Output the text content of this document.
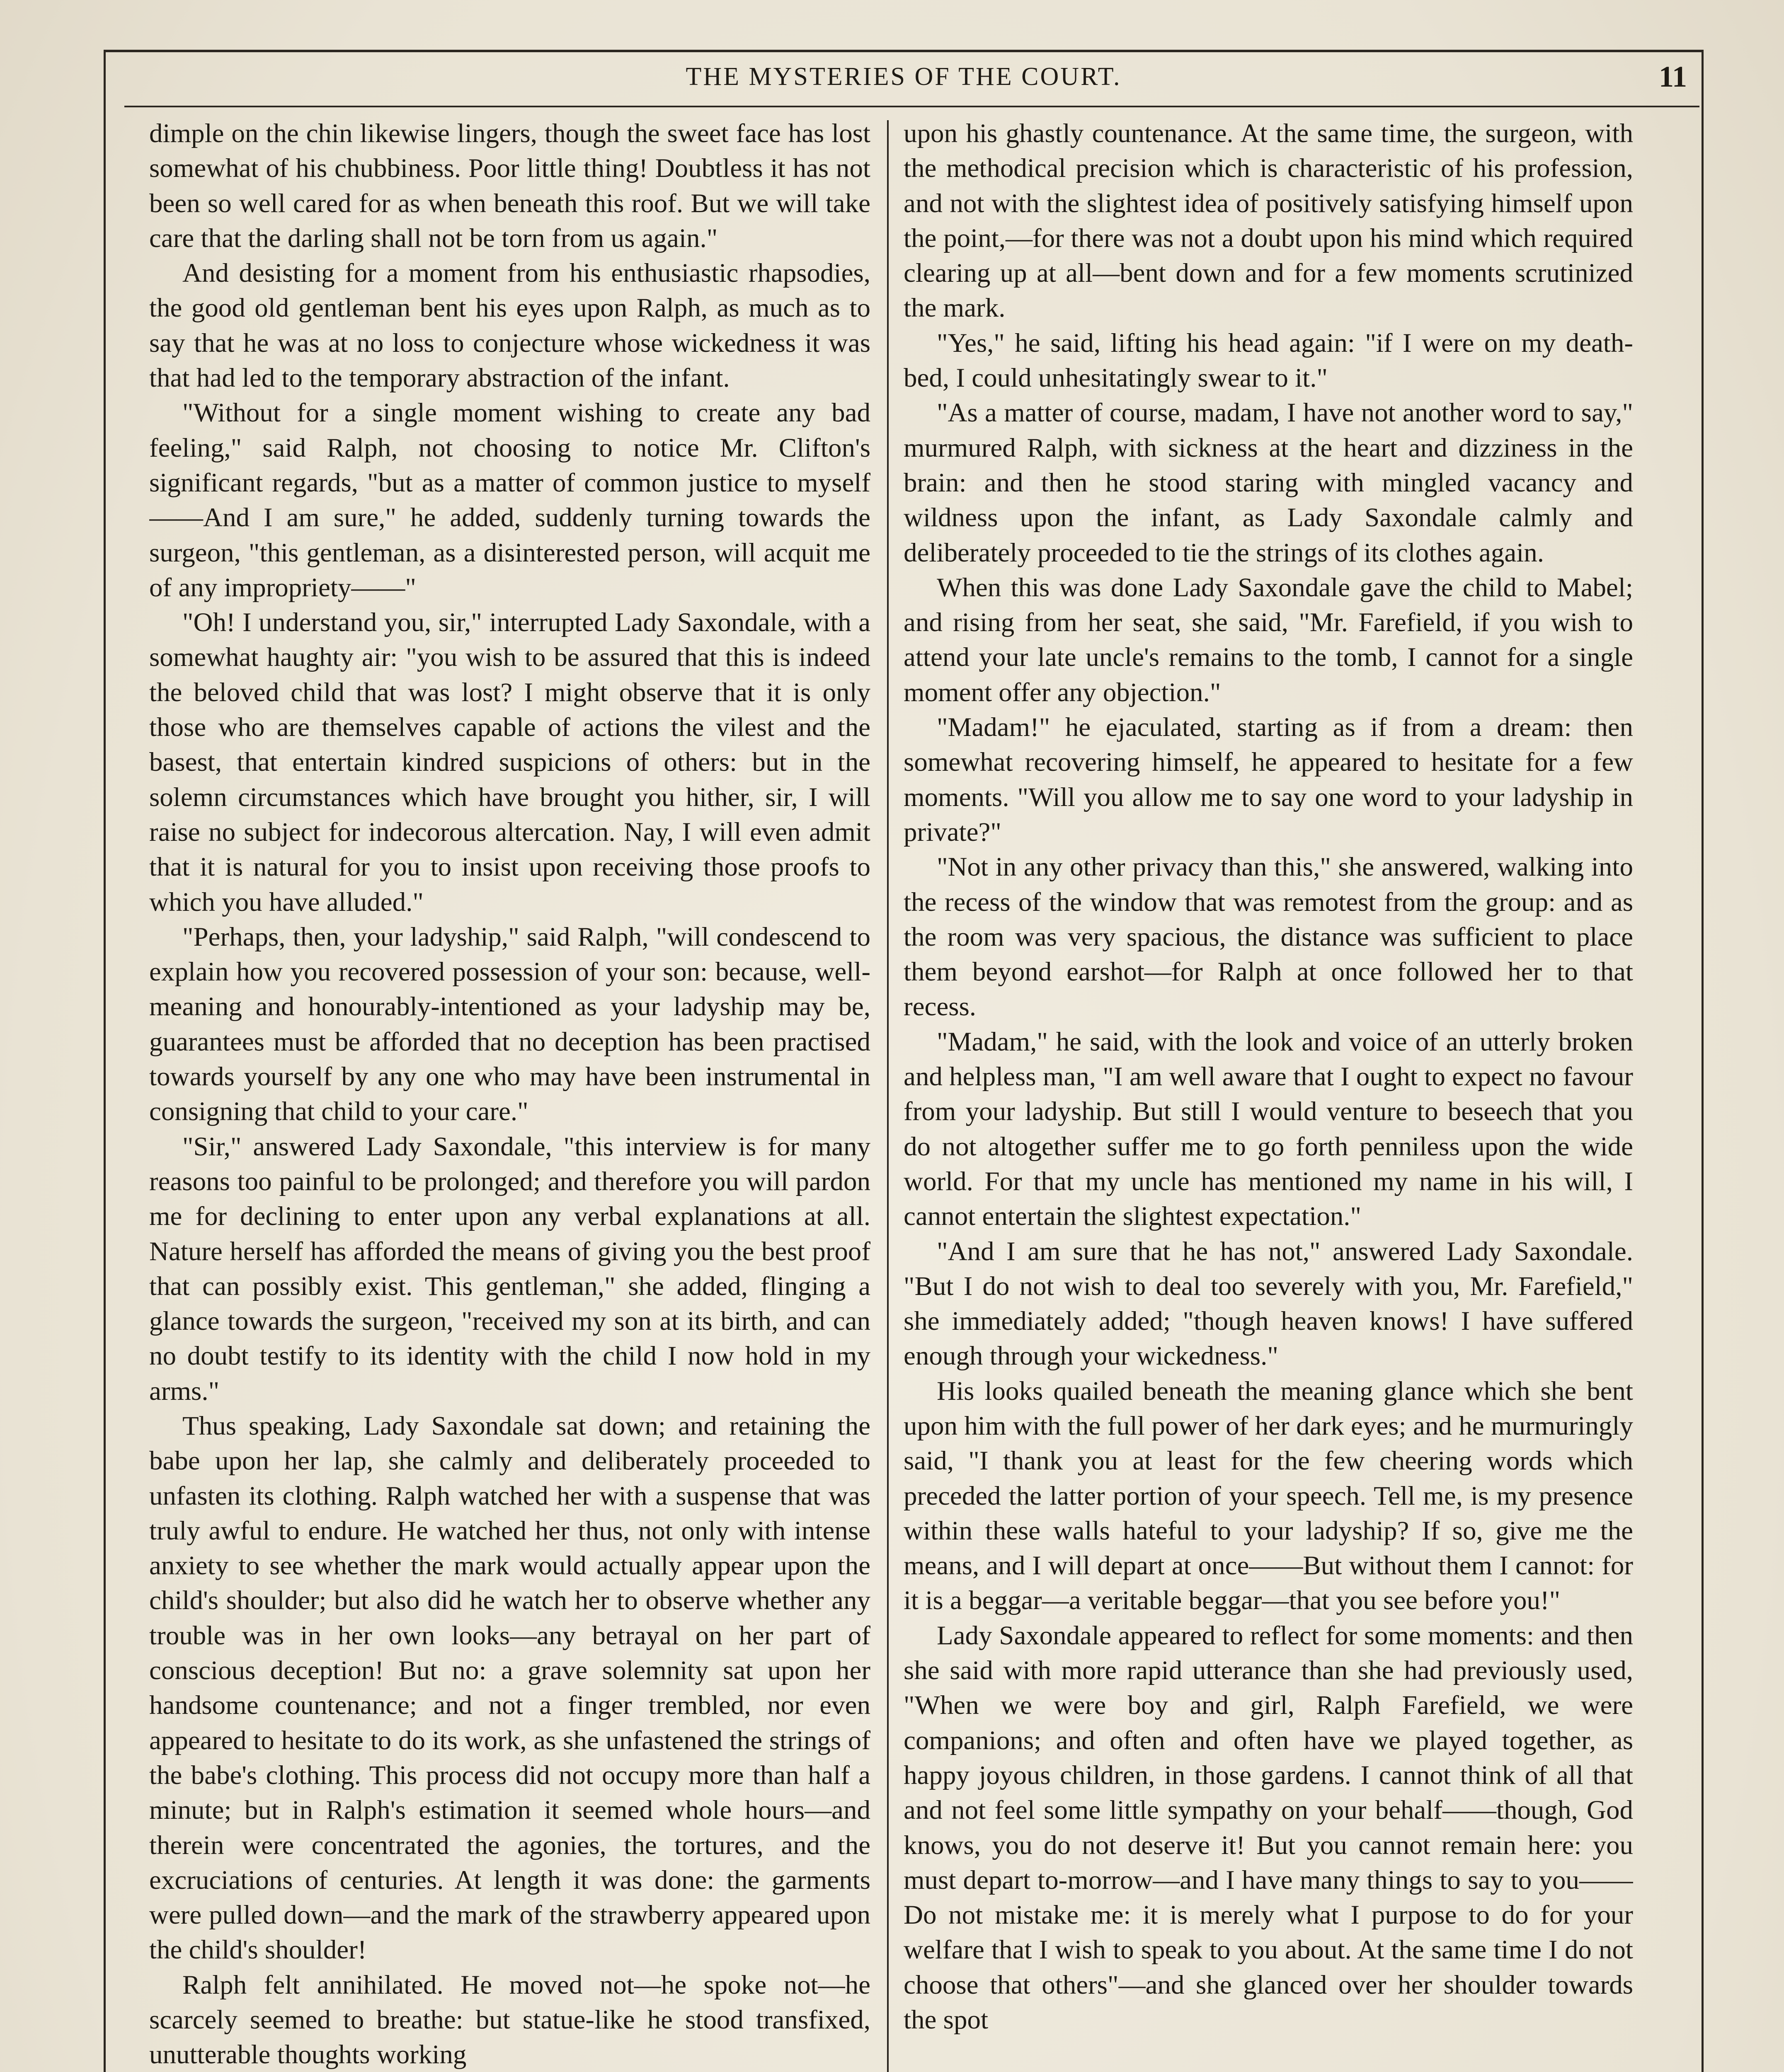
THE MYSTERIES OF THE COURT.	11

dimple on the chin likewise lingers, though the sweet face has lost somewhat of his chubbiness. Poor little thing! Doubtless it has not been so well cared for as when beneath this roof. But we will take care that the darling shall not be torn from us again."

And desisting for a moment from his enthusiastic rhapsodies, the good old gentleman bent his eyes upon Ralph, as much as to say that he was at no loss to conjecture whose wickedness it was that had led to the temporary abstraction of the infant.

"Without for a single moment wishing to create any bad feeling," said Ralph, not choosing to notice Mr. Clifton's significant regards, "but as a matter of common justice to myself——And I am sure," he added, suddenly turning towards the surgeon, "this gentleman, as a disinterested person, will acquit me of any impropriety——"

"Oh! I understand you, sir," interrupted Lady Saxondale, with a somewhat haughty air: "you wish to be assured that this is indeed the beloved child that was lost? I might observe that it is only those who are themselves capable of actions the vilest and the basest, that entertain kindred suspicions of others: but in the solemn circumstances which have brought you hither, sir, I will raise no subject for indecorous altercation. Nay, I will even admit that it is natural for you to insist upon receiving those proofs to which you have alluded."

"Perhaps, then, your ladyship," said Ralph, "will condescend to explain how you recovered possession of your son: because, well-meaning and honourably-intentioned as your ladyship may be, guarantees must be afforded that no deception has been practised towards yourself by any one who may have been instrumental in consigning that child to your care."

"Sir," answered Lady Saxondale, "this interview is for many reasons too painful to be prolonged; and therefore you will pardon me for declining to enter upon any verbal explanations at all. Nature herself has afforded the means of giving you the best proof that can possibly exist. This gentleman," she added, flinging a glance towards the surgeon, "received my son at its birth, and can no doubt testify to its identity with the child I now hold in my arms."

Thus speaking, Lady Saxondale sat down; and retaining the babe upon her lap, she calmly and deliberately proceeded to unfasten its clothing. Ralph watched her with a suspense that was truly awful to endure. He watched her thus, not only with intense anxiety to see whether the mark would actually appear upon the child's shoulder; but also did he watch her to observe whether any trouble was in her own looks—any betrayal on her part of conscious deception! But no: a grave solemnity sat upon her handsome countenance; and not a finger trembled, nor even appeared to hesitate to do its work, as she unfastened the strings of the babe's clothing. This process did not occupy more than half a minute; but in Ralph's estimation it seemed whole hours—and therein were concentrated the agonies, the tortures, and the excruciations of centuries. At length it was done: the garments were pulled down—and the mark of the strawberry appeared upon the child's shoulder!

Ralph felt annihilated. He moved not—he spoke not—he scarcely seemed to breathe: but statue-like he stood transfixed, unutterable thoughts working

upon his ghastly countenance. At the same time, the surgeon, with the methodical precision which is characteristic of his profession, and not with the slightest idea of positively satisfying himself upon the point,—for there was not a doubt upon his mind which required clearing up at all—bent down and for a few moments scrutinized the mark.

"Yes," he said, lifting his head again: "if I were on my death-bed, I could unhesitatingly swear to it."

"As a matter of course, madam, I have not another word to say," murmured Ralph, with sickness at the heart and dizziness in the brain: and then he stood staring with mingled vacancy and wildness upon the infant, as Lady Saxondale calmly and deliberately proceeded to tie the strings of its clothes again.

When this was done Lady Saxondale gave the child to Mabel; and rising from her seat, she said, "Mr. Farefield, if you wish to attend your late uncle's remains to the tomb, I cannot for a single moment offer any objection."

"Madam!" he ejaculated, starting as if from a dream: then somewhat recovering himself, he appeared to hesitate for a few moments. "Will you allow me to say one word to your ladyship in private?"

"Not in any other privacy than this," she answered, walking into the recess of the window that was remotest from the group: and as the room was very spacious, the distance was sufficient to place them beyond earshot—for Ralph at once followed her to that recess.

"Madam," he said, with the look and voice of an utterly broken and helpless man, "I am well aware that I ought to expect no favour from your ladyship. But still I would venture to beseech that you do not altogether suffer me to go forth penniless upon the wide world. For that my uncle has mentioned my name in his will, I cannot entertain the slightest expectation."

"And I am sure that he has not," answered Lady Saxondale. "But I do not wish to deal too severely with you, Mr. Farefield," she immediately added; "though heaven knows! I have suffered enough through your wickedness."

His looks quailed beneath the meaning glance which she bent upon him with the full power of her dark eyes; and he murmuringly said, "I thank you at least for the few cheering words which preceded the latter portion of your speech. Tell me, is my presence within these walls hateful to your ladyship? If so, give me the means, and I will depart at once——But without them I cannot: for it is a beggar—a veritable beggar—that you see before you!"

Lady Saxondale appeared to reflect for some moments: and then she said with more rapid utterance than she had previously used, "When we were boy and girl, Ralph Farefield, we were companions; and often and often have we played together, as happy joyous children, in those gardens. I cannot think of all that and not feel some little sympathy on your behalf——though, God knows, you do not deserve it! But you cannot remain here: you must depart to-morrow—and I have many things to say to you——Do not mistake me: it is merely what I purpose to do for your welfare that I wish to speak to you about. At the same time I do not choose that others"—and she glanced over her shoulder towards the spot
